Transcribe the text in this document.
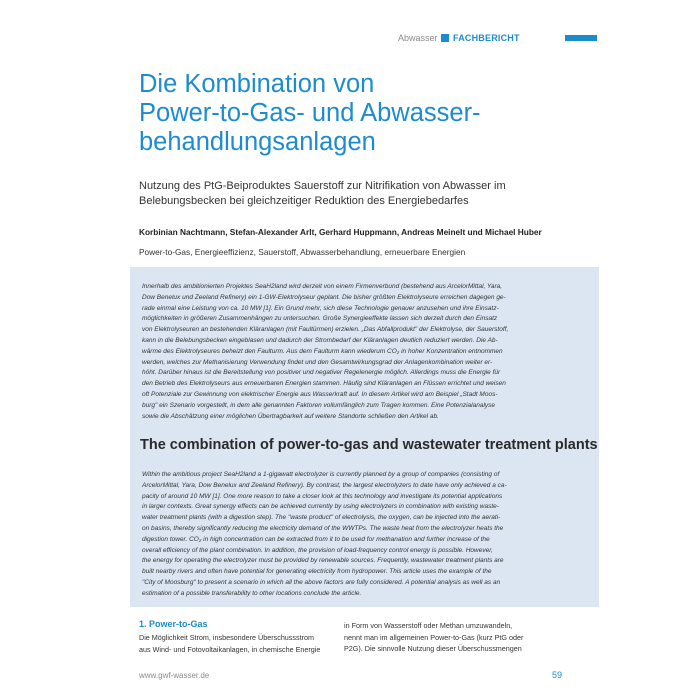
Abwasser FACHBERICHT
Die Kombination von
Power-to-Gas- und Abwasser-
behandlungsanlagen

Nutzung des PtG-Beiproduktes Sauerstoff zur Nitrifikation von Abwasser im
Belebungsbecken bei gleichzeitiger Reduktion des Energiebedarfes

Korbinian Nachtmann, Stefan-Alexander Arlt, Gerhard Huppmann, Andreas Meinelt und Michael Huber

Power-to-Gas, Energieeffizienz, Sauerstoff, Abwasserbehandlung, erneuerbare Energien

Innerhalb des ambitionierten Projektes SeaH2land wird derzeit von einem Firmenverbund (bestehend aus ArcelorMittal, Yara,
Dow Benelux und Zeeland Refinery) ein 1-GW-Elektrolyseur geplant. Die bisher größten Elektrolyseure erreichen dagegen ge-
rade einmal eine Leistung von ca. 10 MW [1]. Ein Grund mehr, sich diese Technologie genauer anzusehen und ihre Einsatz-
möglichkeiten in größeren Zusammenhängen zu untersuchen. Große Synergieeffekte lassen sich derzeit durch den Einsatz
von Elektrolyseuren an bestehenden Kläranlagen (mit Faultürmen) erzielen. „Das Abfallprodukt" der Elektrolyse, der Sauerstoff,
kann in die Belebungsbecken eingeblasen und dadurch der Strombedarf der Kläranlagen deutlich reduziert werden. Die Ab-
wärme des Elektrolyseures beheizt den Faulturm. Aus dem Faulturm kann wiederum CO₂ in hoher Konzentration entnommen
werden, welches zur Methanisierung Verwendung findet und den Gesamtwirkungsgrad der Anlagenkombination weiter er-
höht. Darüber hinaus ist die Bereitstellung von positiver und negativer Regelenergie möglich. Allerdings muss die Energie für
den Betrieb des Elektrolyseurs aus erneuerbaren Energien stammen. Häufig sind Kläranlagen an Flüssen errichtet und weisen
oft Potenziale zur Gewinnung von elektrischer Energie aus Wasserkraft auf. In diesem Artikel wird am Beispiel „Stadt Moos-
burg" ein Szenario vorgestellt, in dem alle genannten Faktoren vollumfänglich zum Tragen kommen. Eine Potenzialanalyse
sowie die Abschätzung einer möglichen Übertragbarkeit auf weitere Standorte schließen den Artikel ab.

The combination of power-to-gas and wastewater treatment plants

Within the ambitious project SeaH2land a 1-gigawatt electrolyzer is currently planned by a group of companies (consisting of
ArcelorMittal, Yara, Dow Benelux and Zeeland Refinery). By contrast, the largest electrolyzers to date have only achieved a ca-
pacity of around 10 MW [1]. One more reason to take a closer look at this technology and investigate its potential applications
in larger contexts. Great synergy effects can be achieved currently by using electrolyzers in combination with existing waste-
water treatment plants (with a digestion step). The "waste product" of electrolysis, the oxygen, can be injected into the aerati-
on basins, thereby significantly reducing the electricity demand of the WWTPs. The waste heat from the electrolyzer heats the
digestion tower. CO₂ in high concentration can be extracted from it to be used for methanation and further increase of the
overall efficiency of the plant combination. In addition, the provision of load-frequency control energy is possible. However,
the energy for operating the electrolyzer must be provided by renewable sources. Frequently, wastewater treatment plants are
built nearby rivers and often have potential for generating electricity from hydropower. This article uses the example of the
"City of Moosburg" to present a scenario in which all the above factors are fully considered. A potential analysis as well as an
estimation of a possible transferability to other locations conclude the article.

1. Power-to-Gas

Die Möglichkeit Strom, insbesondere Überschussstrom
aus Wind- und Fotovoltaikanlagen, in chemische Energie

in Form von Wasserstoff oder Methan umzuwandeln,
nennt man im allgemeinen Power-to-Gas (kurz PtG oder
P2G). Die sinnvolle Nutzung dieser Überschussmengen

www.gwf-wasser.de	59
